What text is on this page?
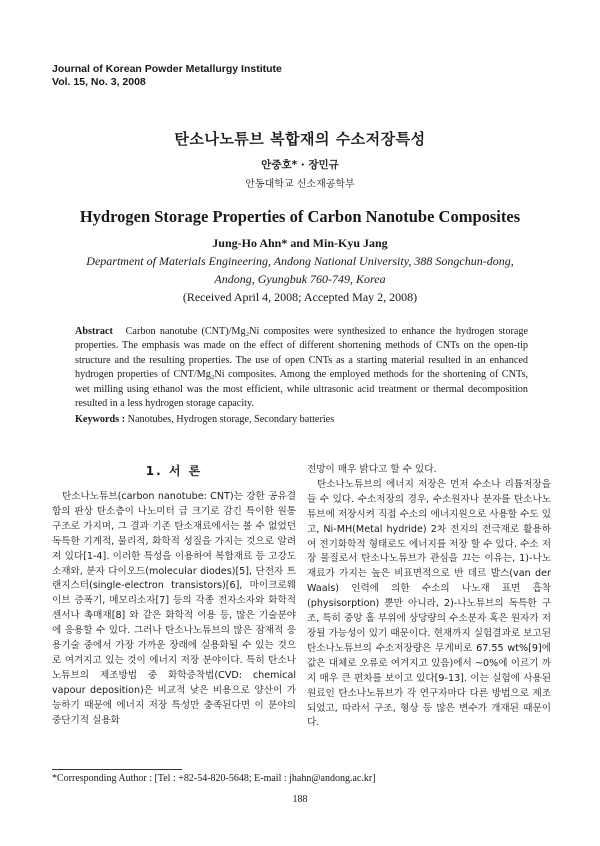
Journal of Korean Powder Metallurgy Institute
Vol. 15, No. 3, 2008
탄소나노튜브 복합재의 수소저장특성
안중호* · 장민규
안동대학교 신소재공학부
Hydrogen Storage Properties of Carbon Nanotube Composites
Jung-Ho Ahn* and Min-Kyu Jang
Department of Materials Engineering, Andong National University, 388 Songchun-dong,
Andong, Gyungbuk 760-749, Korea
(Received April 4, 2008; Accepted May 2, 2008)
Abstract Carbon nanotube (CNT)/Mg₂Ni composites were synthesized to enhance the hydrogen storage properties. The emphasis was made on the effect of different shortening methods of CNTs on the open-tip structure and the resulting properties. The use of open CNTs as a starting material resulted in an enhanced hydrogen properties of CNT/Mg₂Ni composites. Among the employed methods for the shortening of CNTs, wet milling using ethanol was the most efficient, while ultrasonic acid treatment or thermal decomposition resulted in a less hydrogen storage capacity.
Keywords : Nanotubes, Hydrogen storage, Secondary batteries
1. 서 론
탄소나노튜브(carbon nanotube: CNT)는 강한 공유결합의 판상 탄소층이 나노미터 급 크기로 감긴 특이한 원통구조로 가지며, 그 결과 기존 탄소재료에서는 볼 수 없었던 독특한 기계적, 물리적, 화학적 성질을 가지는 것으로 알려져 있다[1-4]. 이러한 특성을 이용하여 복합재료 등 고강도 소재와, 분자 다이오드(molecular diodes)[5], 단전자 트랜지스터(single-electron transistors)[6], 마이크로웨이브 증폭기, 메모리소자[7] 등의 각종 전자소자와 화학적 센서나 촉매재[8] 와 같은 화학적 이용 등, 많은 기술분야에 응용할 수 있다. 그러나 탄소나노튜브의 많은 잠재적 응용기술 중에서 가장 가까운 장래에 실용화될 수 있는 것으로 여겨지고 있는 것이 에너지 저장 분야이다. 특히 탄소나노튜브의 제조방법 중 화학증착법(CVD: chemical vapour deposition)은 비교적 낮은 비용으로 양산이 가능하기 때문에 에너지 저장 특성만 충족된다면 이 분야의 중단기적 실용화
전망이 매우 밝다고 할 수 있다.
탄소나노튜브의 에너지 저장은 먼저 수소나 리튬저장을 들 수 있다. 수소저장의 경우, 수소원자나 분자를 탄소나노튜브에 저장시켜 직접 수소의 에너지원으로 사용할 수도 있고, Ni-MH(Metal hydride) 2차 전지의 전극재로 활용하여 전기화학적 형태로도 에너지를 저장 할 수 있다. 수소 저장 물질로서 탄소나노튜브가 관심을 끄는 이유는, 1)-나노재료가 가지는 높은 비표면적으로 반 데르 발스(van der Waals) 인력에 의한 수소의 나노재 표면 흡착(physisorption) 뿐만 아니라, 2)-나노튜브의 독특한 구조, 특히 중앙 홀 부위에 상당량의 수소분자 혹은 원자가 저장될 가능성이 있기 때문이다. 현재까지 실험결과로 보고된 탄소나노튜브의 수소저장량은 무게비로 67.55 wt%[9]에 값은 대체로 오류로 여겨지고 있음)에서 ~0%에 이르기 까지 매우 큰 편차를 보이고 있다[9-13]. 이는 실험에 사용된 원료인 탄소나노튜브가 각 연구자마다 다른 방법으로 제조되었고, 따라서 구조, 형상 등 많은 변수가 개재된 때문이다.
*Corresponding Author : [Tel : +82-54-820-5648; E-mail : jhahn@andong.ac.kr]
188
